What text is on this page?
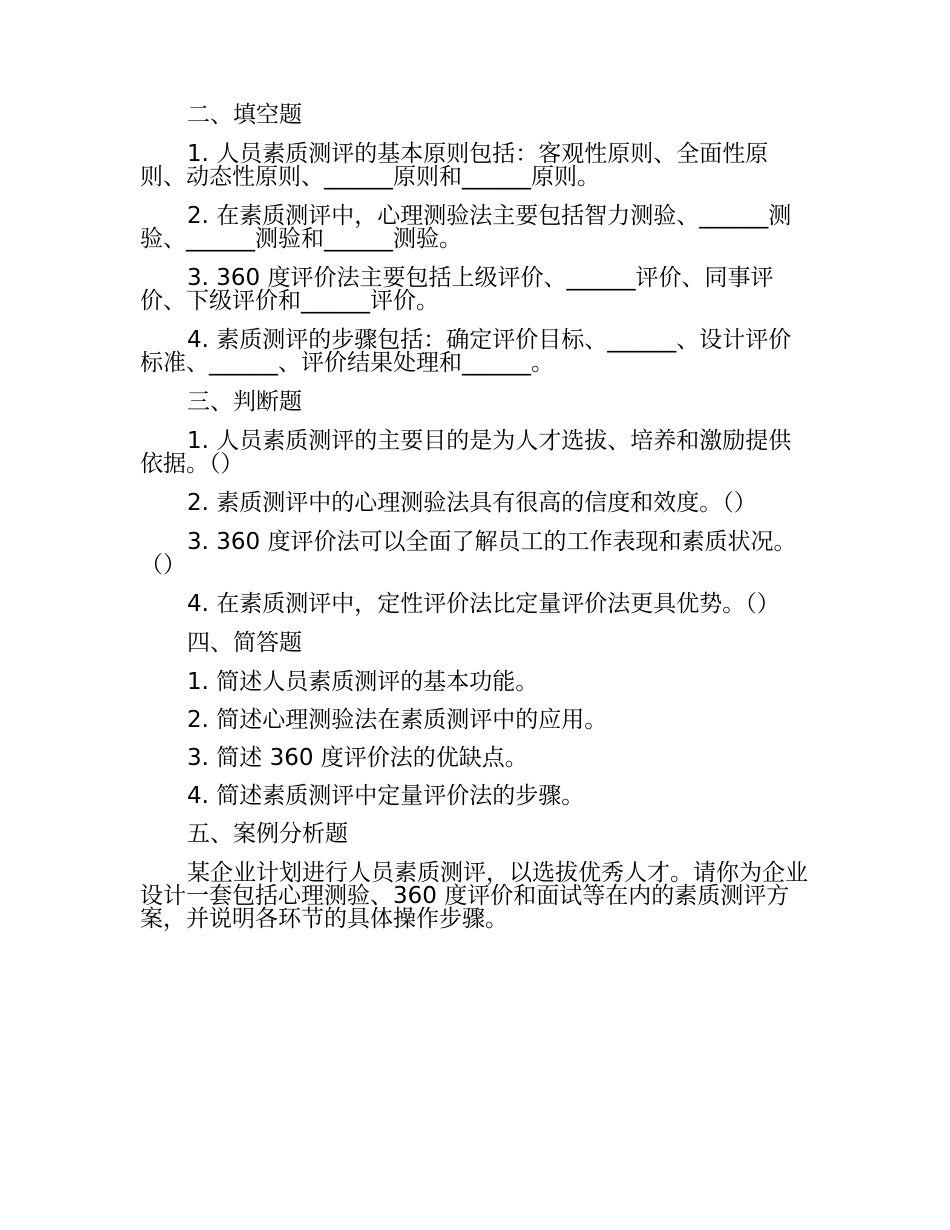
二、填空题

1. 人员素质测评的基本原则包括：客观性原则、全面性原则、动态性原则、______原则和______原则。

2. 在素质测评中，心理测验法主要包括智力测验、______测验、______测验和______测验。

3. 360 度评价法主要包括上级评价、______评价、同事评价、下级评价和______评价。

4. 素质测评的步骤包括：确定评价目标、______、设计评价标准、______、评价结果处理和______。

三、判断题

1. 人员素质测评的主要目的是为人才选拔、培养和激励提供依据。（）

2. 素质测评中的心理测验法具有很高的信度和效度。（）

3. 360 度评价法可以全面了解员工的工作表现和素质状况。（）

4. 在素质测评中，定性评价法比定量评价法更具优势。（）

四、简答题

1. 简述人员素质测评的基本功能。

2. 简述心理测验法在素质测评中的应用。

3. 简述 360 度评价法的优缺点。

4. 简述素质测评中定量评价法的步骤。

五、案例分析题

某企业计划进行人员素质测评，以选拔优秀人才。请你为企业设计一套包括心理测验、360 度评价和面试等在内的素质测评方案，并说明各环节的具体操作步骤。
